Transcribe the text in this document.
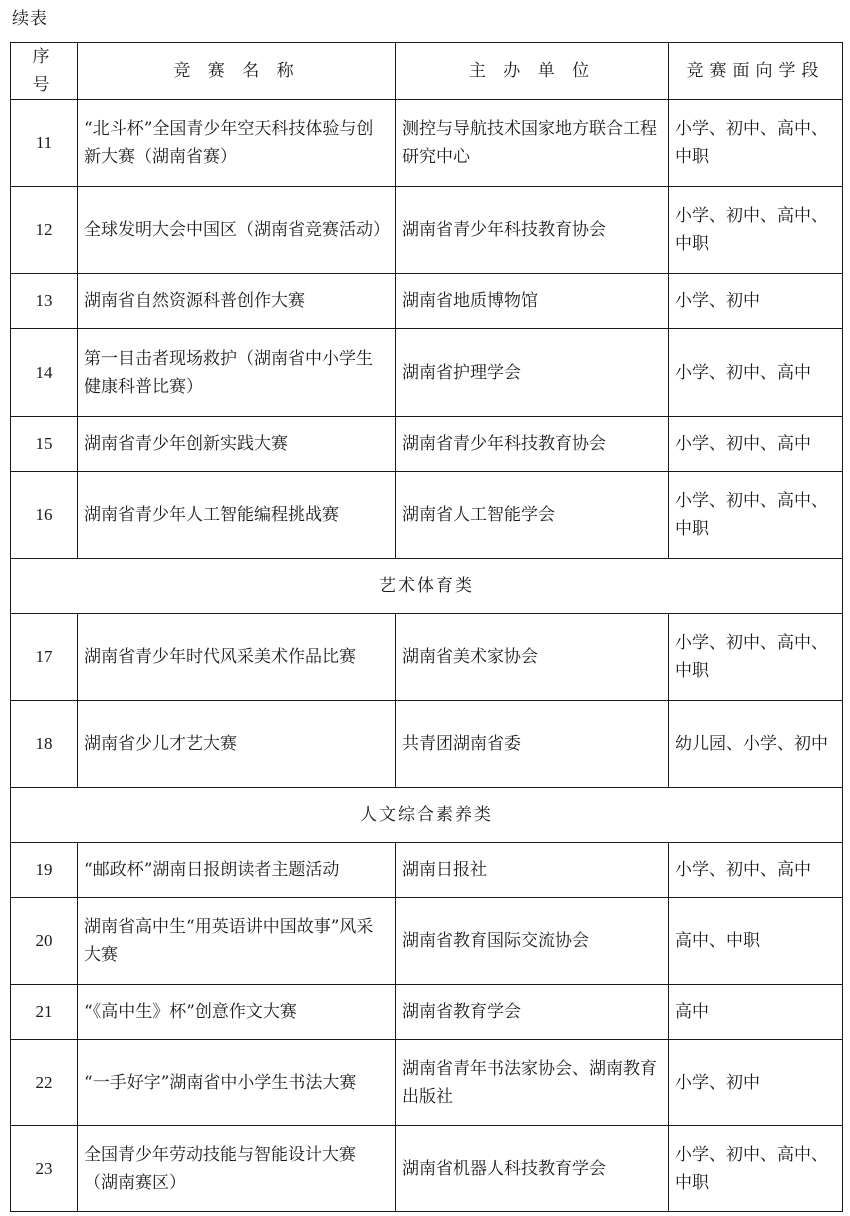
续表
序　号	竞 赛 名 称	主 办 单 位	竞赛面向学段
11	“北斗杯”全国青少年空天科技体验与创新大赛（湖南省赛）	测控与导航技术国家地方联合工程研究中心	小学、初中、高中、中职
12	全球发明大会中国区（湖南省竞赛活动）	湖南省青少年科技教育协会	小学、初中、高中、中职
13	湖南省自然资源科普创作大赛	湖南省地质博物馆	小学、初中
14	第一目击者现场救护（湖南省中小学生健康科普比赛）	湖南省护理学会	小学、初中、高中
15	湖南省青少年创新实践大赛	湖南省青少年科技教育协会	小学、初中、高中
16	湖南省青少年人工智能编程挑战赛	湖南省人工智能学会	小学、初中、高中、中职
艺术体育类			
17	湖南省青少年时代风采美术作品比赛	湖南省美术家协会	小学、初中、高中、中职
18	湖南省少儿才艺大赛	共青团湖南省委	幼儿园、小学、初中
人文综合素养类			
19	“邮政杯”湖南日报朗读者主题活动	湖南日报社	小学、初中、高中
20	湖南省高中生“用英语讲中国故事”风采大赛	湖南省教育国际交流协会	高中、中职
21	“《高中生》杯”创意作文大赛	湖南省教育学会	高中
22	“一手好字”湖南省中小学生书法大赛	湖南省青年书法家协会、湖南教育出版社	小学、初中
23	全国青少年劳动技能与智能设计大赛（湖南赛区）	湖南省机器人科技教育学会	小学、初中、高中、中职
